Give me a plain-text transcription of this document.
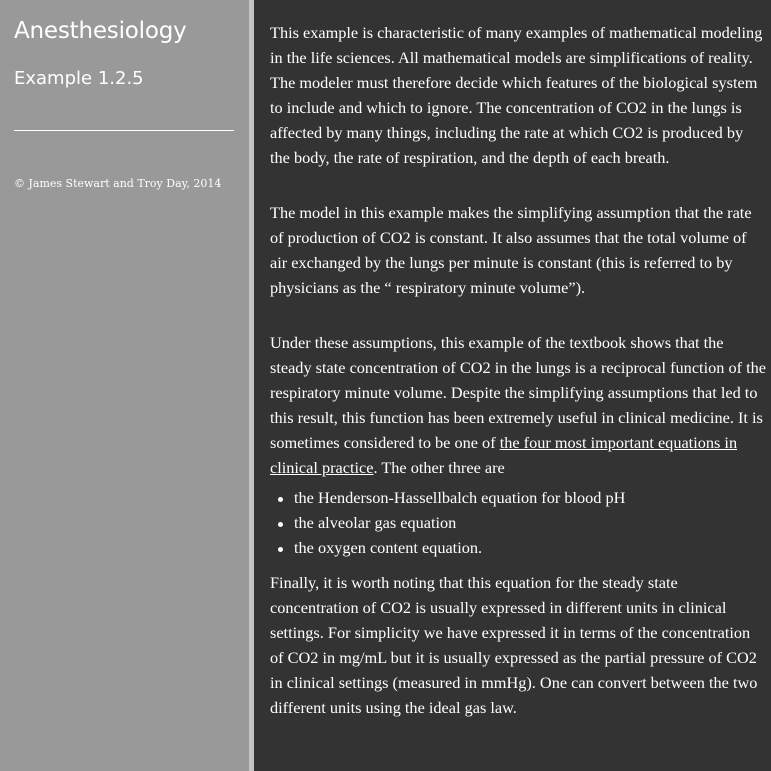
Anesthesiology
Example 1.2.5

© James Stewart and Troy Day, 2014

This example is characteristic of many examples of mathematical modeling in the life sciences. All mathematical models are simplifications of reality. The modeler must therefore decide which features of the biological system to include and which to ignore. The concentration of CO2 in the lungs is affected by many things, including the rate at which CO2 is produced by the body, the rate of respiration, and the depth of each breath.

The model in this example makes the simplifying assumption that the rate of production of CO2 is constant. It also assumes that the total volume of air exchanged by the lungs per minute is constant (this is referred to by physicians as the “ respiratory minute volume”).

Under these assumptions, this example of the textbook shows that the steady state concentration of CO2 in the lungs is a reciprocal function of the respiratory minute volume. Despite the simplifying assumptions that led to this result, this function has been extremely useful in clinical medicine. It is sometimes considered to be one of the four most important equations in clinical practice. The other three are

the Henderson-Hassellbalch equation for blood pH
the alveolar gas equation
the oxygen content equation.

Finally, it is worth noting that this equation for the steady state concentration of CO2 is usually expressed in different units in clinical settings. For simplicity we have expressed it in terms of the concentration of CO2 in mg/mL but it is usually expressed as the partial pressure of CO2 in clinical settings (measured in mmHg). One can convert between the two different units using the ideal gas law.
